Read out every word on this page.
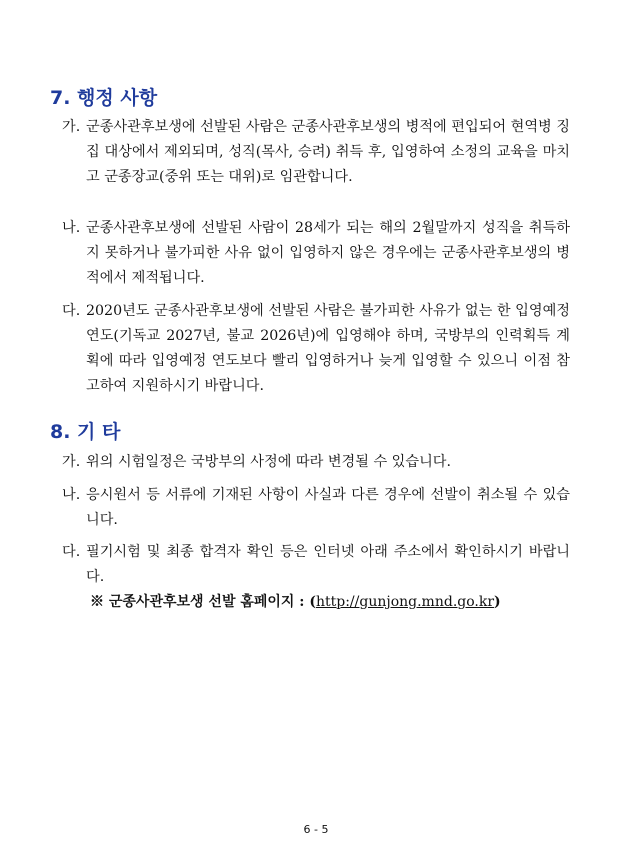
7. 행정 사항
가. 군종사관후보생에 선발된 사람은 군종사관후보생의 병적에 편입되어 현역병 징집 대상에서 제외되며, 성직(목사, 승려) 취득 후, 입영하여 소정의 교육을 마치고 군종장교(중위 또는 대위)로 임관합니다.
나. 군종사관후보생에 선발된 사람이 28세가 되는 해의 2월말까지 성직을 취득하지 못하거나 불가피한 사유 없이 입영하지 않은 경우에는 군종사관후보생의 병적에서 제적됩니다.
다. 2020년도 군종사관후보생에 선발된 사람은 불가피한 사유가 없는 한 입영예정연도(기독교 2027년, 불교 2026년)에 입영해야 하며, 국방부의 인력획득 계획에 따라 입영예정 연도보다 빨리 입영하거나 늦게 입영할 수 있으니 이점 참고하여 지원하시기 바랍니다.
8. 기 타
가. 위의 시험일정은 국방부의 사정에 따라 변경될 수 있습니다.
나. 응시원서 등 서류에 기재된 사항이 사실과 다른 경우에 선발이 취소될 수 있습니다.
다. 필기시험 및 최종 합격자 확인 등은 인터넷 아래 주소에서 확인하시기 바랍니다.
※ 군종사관후보생 선발 홈페이지 : (http://gunjong.mnd.go.kr)
6 - 5
